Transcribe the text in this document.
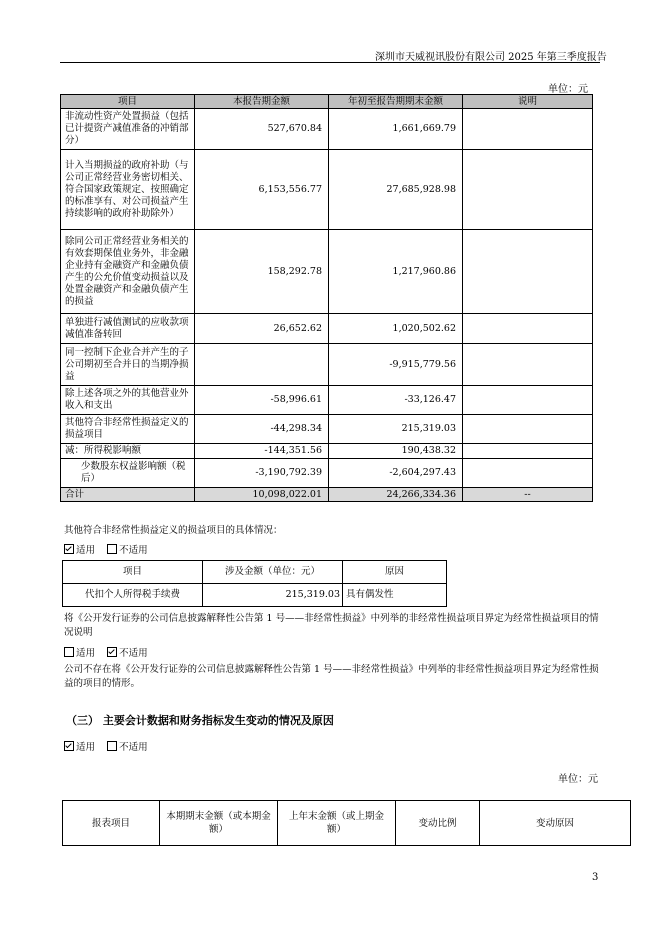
深圳市天威视讯股份有限公司 2025 年第三季度报告
单位：元
项目	本报告期金额	年初至报告期期末金额	说明
非流动性资产处置损益（包括已计提资产减值准备的冲销部分）	527,670.84	1,661,669.79	
计入当期损益的政府补助（与公司正常经营业务密切相关、符合国家政策规定、按照确定的标准享有、对公司损益产生持续影响的政府补助除外）	6,153,556.77	27,685,928.98	
除同公司正常经营业务相关的有效套期保值业务外，非金融企业持有金融资产和金融负债产生的公允价值变动损益以及处置金融资产和金融负债产生的损益	158,292.78	1,217,960.86	
单独进行减值测试的应收款项减值准备转回	26,652.62	1,020,502.62	
同一控制下企业合并产生的子公司期初至合并日的当期净损益		-9,915,779.56	
除上述各项之外的其他营业外收入和支出	-58,996.61	-33,126.47	
其他符合非经常性损益定义的损益项目	-44,298.34	215,319.03	
减：所得税影响额	-144,351.56	190,438.32	
少数股东权益影响额（税后）	-3,190,792.39	-2,604,297.43	
合计	10,098,022.01	24,266,334.36	--
其他符合非经常性损益定义的损益项目的具体情况：
适用	不适用
项目	涉及金额（单位：元）	原因
代扣个人所得税手续费	215,319.03	具有偶发性
将《公开发行证券的公司信息披露解释性公告第 1 号——非经常性损益》中列举的非经常性损益项目界定为经常性损益项目的情况说明
适用	不适用
公司不存在将《公开发行证券的公司信息披露解释性公告第 1 号——非经常性损益》中列举的非经常性损益项目界定为经常性损益的项目的情形。
（三） 主要会计数据和财务指标发生变动的情况及原因
适用	不适用
单位：元
报表项目	本期期末金额（或本期金额）	上年末金额（或上期金额）	变动比例	变动原因
3
